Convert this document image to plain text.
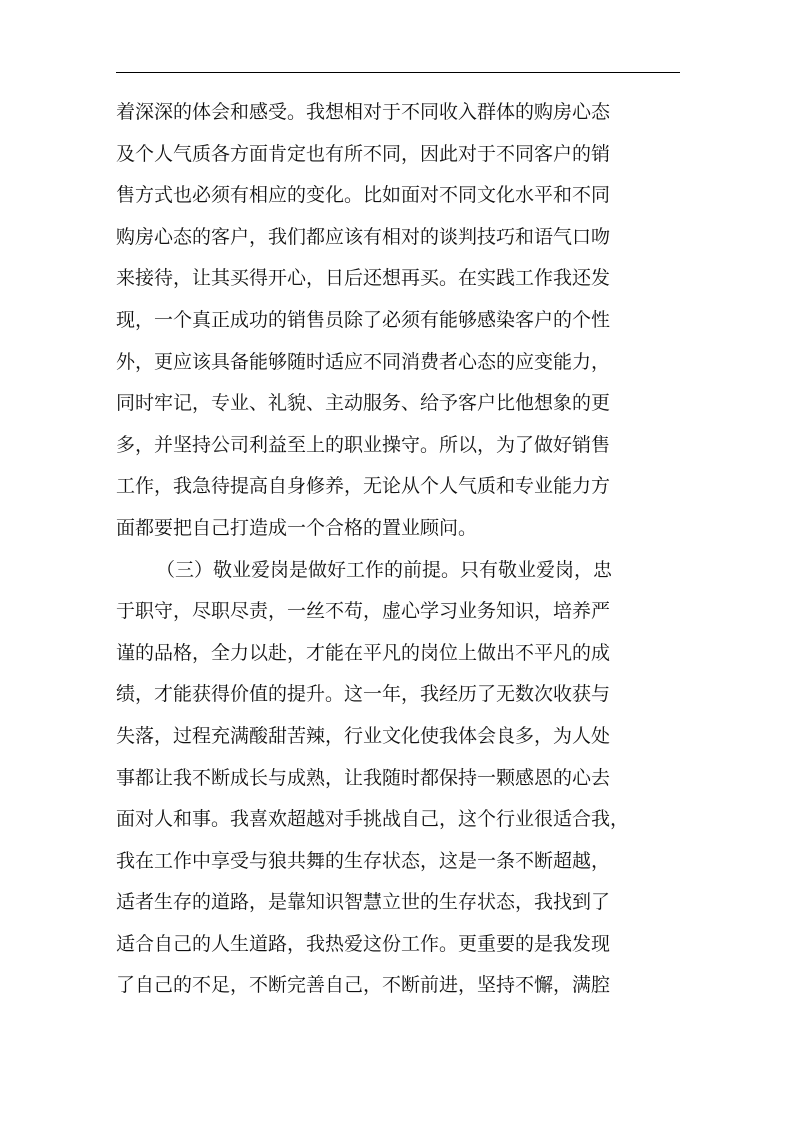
着深深的体会和感受。我想相对于不同收入群体的购房心态
及个人气质各方面肯定也有所不同，因此对于不同客户的销
售方式也必须有相应的变化。比如面对不同文化水平和不同
购房心态的客户，我们都应该有相对的谈判技巧和语气口吻
来接待，让其买得开心，日后还想再买。在实践工作我还发
现，一个真正成功的销售员除了必须有能够感染客户的个性
外，更应该具备能够随时适应不同消费者心态的应变能力，
同时牢记，专业、礼貌、主动服务、给予客户比他想象的更
多，并坚持公司利益至上的职业操守。所以，为了做好销售
工作，我急待提高自身修养，无论从个人气质和专业能力方
面都要把自己打造成一个合格的置业顾问。
（三）敬业爱岗是做好工作的前提。只有敬业爱岗，忠
于职守，尽职尽责，一丝不苟，虚心学习业务知识，培养严
谨的品格，全力以赴，才能在平凡的岗位上做出不平凡的成
绩，才能获得价值的提升。这一年，我经历了无数次收获与
失落，过程充满酸甜苦辣，行业文化使我体会良多，为人处
事都让我不断成长与成熟，让我随时都保持一颗感恩的心去
面对人和事。我喜欢超越对手挑战自己，这个行业很适合我，
我在工作中享受与狼共舞的生存状态，这是一条不断超越，
适者生存的道路，是靠知识智慧立世的生存状态，我找到了
适合自己的人生道路，我热爱这份工作。更重要的是我发现
了自己的不足，不断完善自己，不断前进，坚持不懈，满腔
